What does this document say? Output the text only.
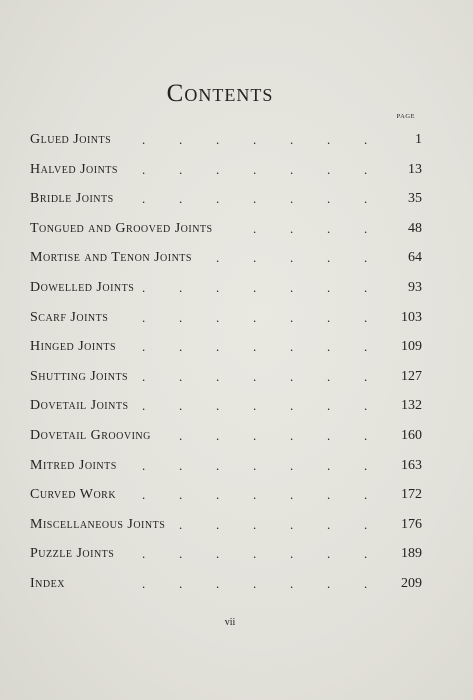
Contents
PAGE
.	.	.	.	.	.	.
Glued Joints	1
.	.	.	.	.	.	.
Halved Joints	13
.	.	.	.	.	.	.
Bridle Joints	35
.	.	.	.
Tongued and Grooved Joints	48
.	.	.	.	.
Mortise and Tenon Joints	64
.	.	.	.	.	.	.
Dowelled Joints	93
.	.	.	.	.	.	.
Scarf Joints	103
.	.	.	.	.	.	.
Hinged Joints	109
.	.	.	.	.	.	.
Shutting Joints	127
.	.	.	.	.	.	.
Dovetail Joints	132
.	.	.	.	.	.
Dovetail Grooving	160
.	.	.	.	.	.	.
Mitred Joints	163
.	.	.	.	.	.	.
Curved Work	172
.	.	.	.	.	.
Miscellaneous Joints	176
.	.	.	.	.	.	.
Puzzle Joints	189
.	.	.	.	.	.	.
Index	209
vii
